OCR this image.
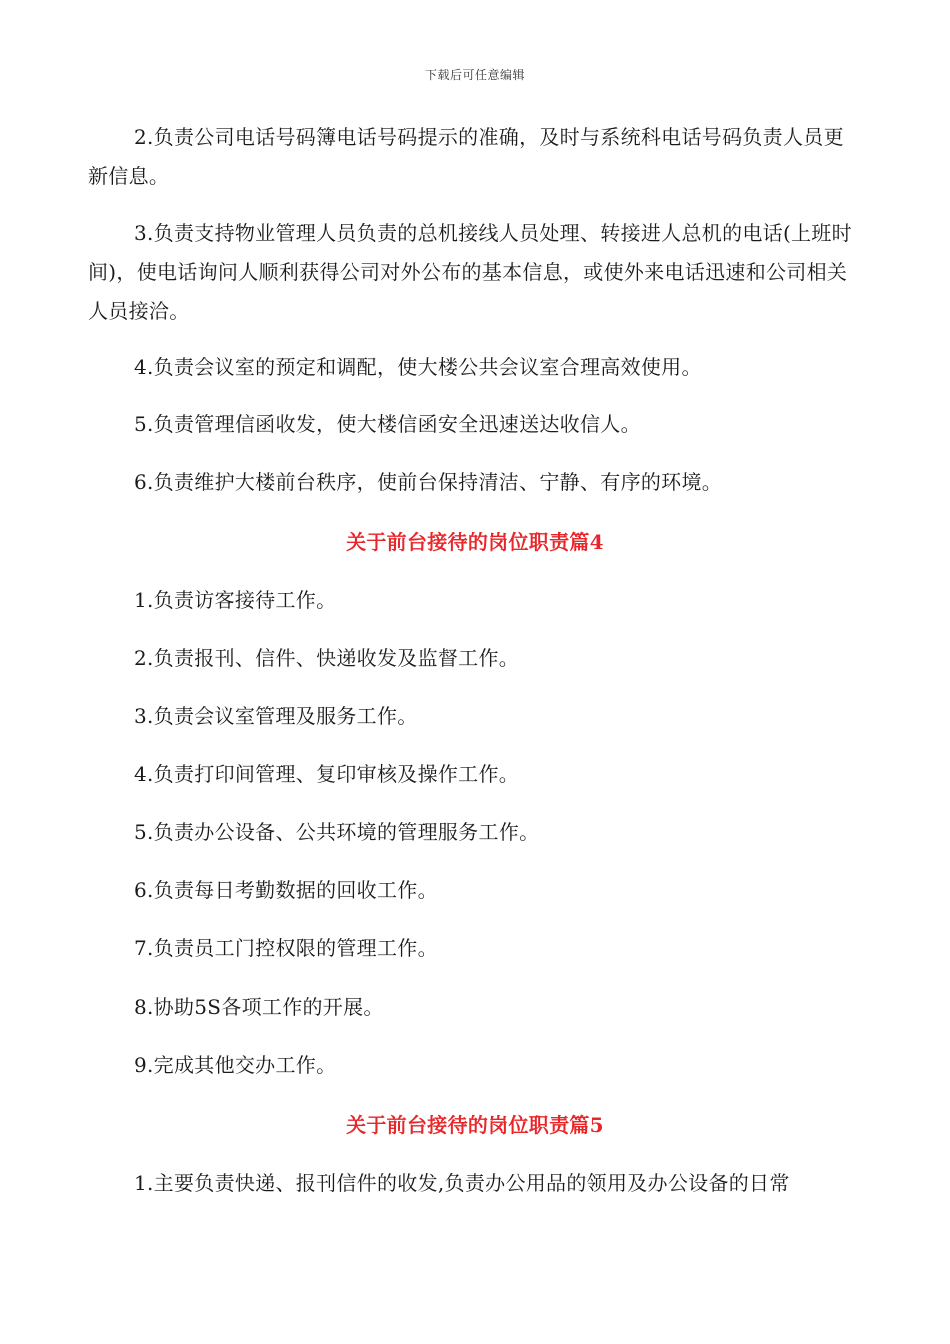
下载后可任意编辑

2.负责公司电话号码簿电话号码提示的准确，及时与系统科电话号码负责人员更新信息。

3.负责支持物业管理人员负责的总机接线人员处理、转接进人总机的电话(上班时间)，使电话询问人顺利获得公司对外公布的基本信息，或使外来电话迅速和公司相关人员接洽。

4.负责会议室的预定和调配，使大楼公共会议室合理高效使用。

5.负责管理信函收发，使大楼信函安全迅速送达收信人。

6.负责维护大楼前台秩序，使前台保持清洁、宁静、有序的环境。

关于前台接待的岗位职责篇4

1.负责访客接待工作。

2.负责报刊、信件、快递收发及监督工作。

3.负责会议室管理及服务工作。

4.负责打印间管理、复印审核及操作工作。

5.负责办公设备、公共环境的管理服务工作。

6.负责每日考勤数据的回收工作。

7.负责员工门控权限的管理工作。

8.协助5S各项工作的开展。

9.完成其他交办工作。

关于前台接待的岗位职责篇5

1.主要负责快递、报刊信件的收发,负责办公用品的领用及办公设备的日常
